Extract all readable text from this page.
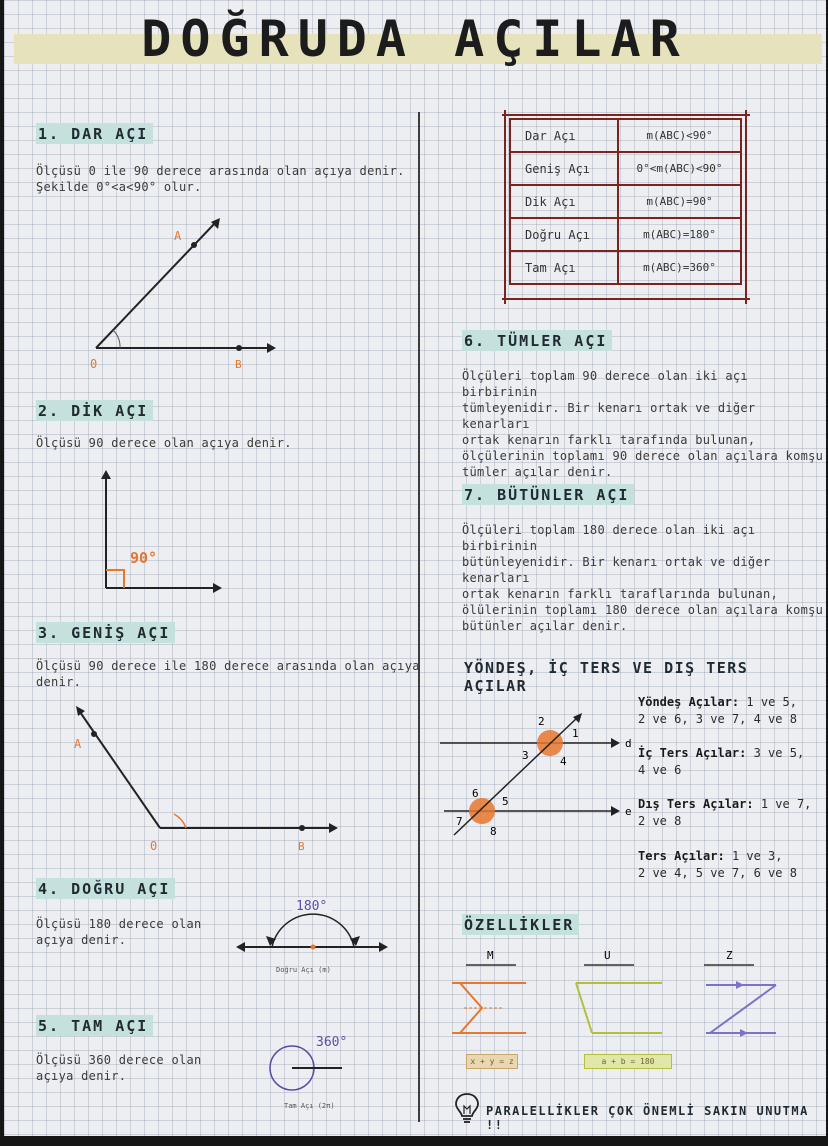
DOĞRUDA AÇILAR
1. DAR AÇI
Ölçüsü 0 ile 90 derece arasında olan açıya denir.
Şekilde 0°<a<90° olur.
A
0	B
2. DİK AÇI
Ölçüsü 90 derece olan açıya denir.
90°
3. GENİŞ AÇI
Ölçüsü 90 derece ile 180 derece arasında olan açıya
denir.
A
0	B
4. DOĞRU AÇI
Ölçüsü 180 derece olan
açıya denir.
180°
Doğru Açı (m)
5. TAM AÇI
Ölçüsü 360 derece olan
açıya denir.
360°
Tam Açı (2π)
Dar Açı	m(ABC)<90°
Geniş Açı	0°<m(ABC)<90°
Dik Açı	m(ABC)=90°
Doğru Açı	m(ABC)=180°
Tam Açı	m(ABC)=360°
6. TÜMLER AÇI
Ölçüleri toplam 90 derece olan iki açı birbirinin
tümleyenidir. Bir kenarı ortak ve diğer kenarları
ortak kenarın farklı tarafında bulunan,
ölçülerinin toplamı 90 derece olan açılara komşu
tümler açılar denir.
7. BÜTÜNLER AÇI
Ölçüleri toplam 180 derece olan iki açı birbirinin
bütünleyenidir. Bir kenarı ortak ve diğer kenarları
ortak kenarın farklı taraflarında bulunan,
ölülerinin toplamı 180 derece olan açılara komşu
bütünler açılar denir.
YÖNDEŞ, İÇ TERS VE DIŞ TERS AÇILAR
d
e
2
1
3	4
6
5
7
8
Yöndeş Açılar: 1 ve 5,
2 ve 6, 3 ve 7, 4 ve 8
İç Ters Açılar: 3 ve 5,
4 ve 6
Dış Ters Açılar: 1 ve 7,
2 ve 8
Ters Açılar: 1 ve 3,
2 ve 4, 5 ve 7, 6 ve 8
ÖZELLİKLER
M	U	Z
x + y = z	a + b = 180
PARALELLİKLER ÇOK ÖNEMLİ SAKIN UNUTMA !!
